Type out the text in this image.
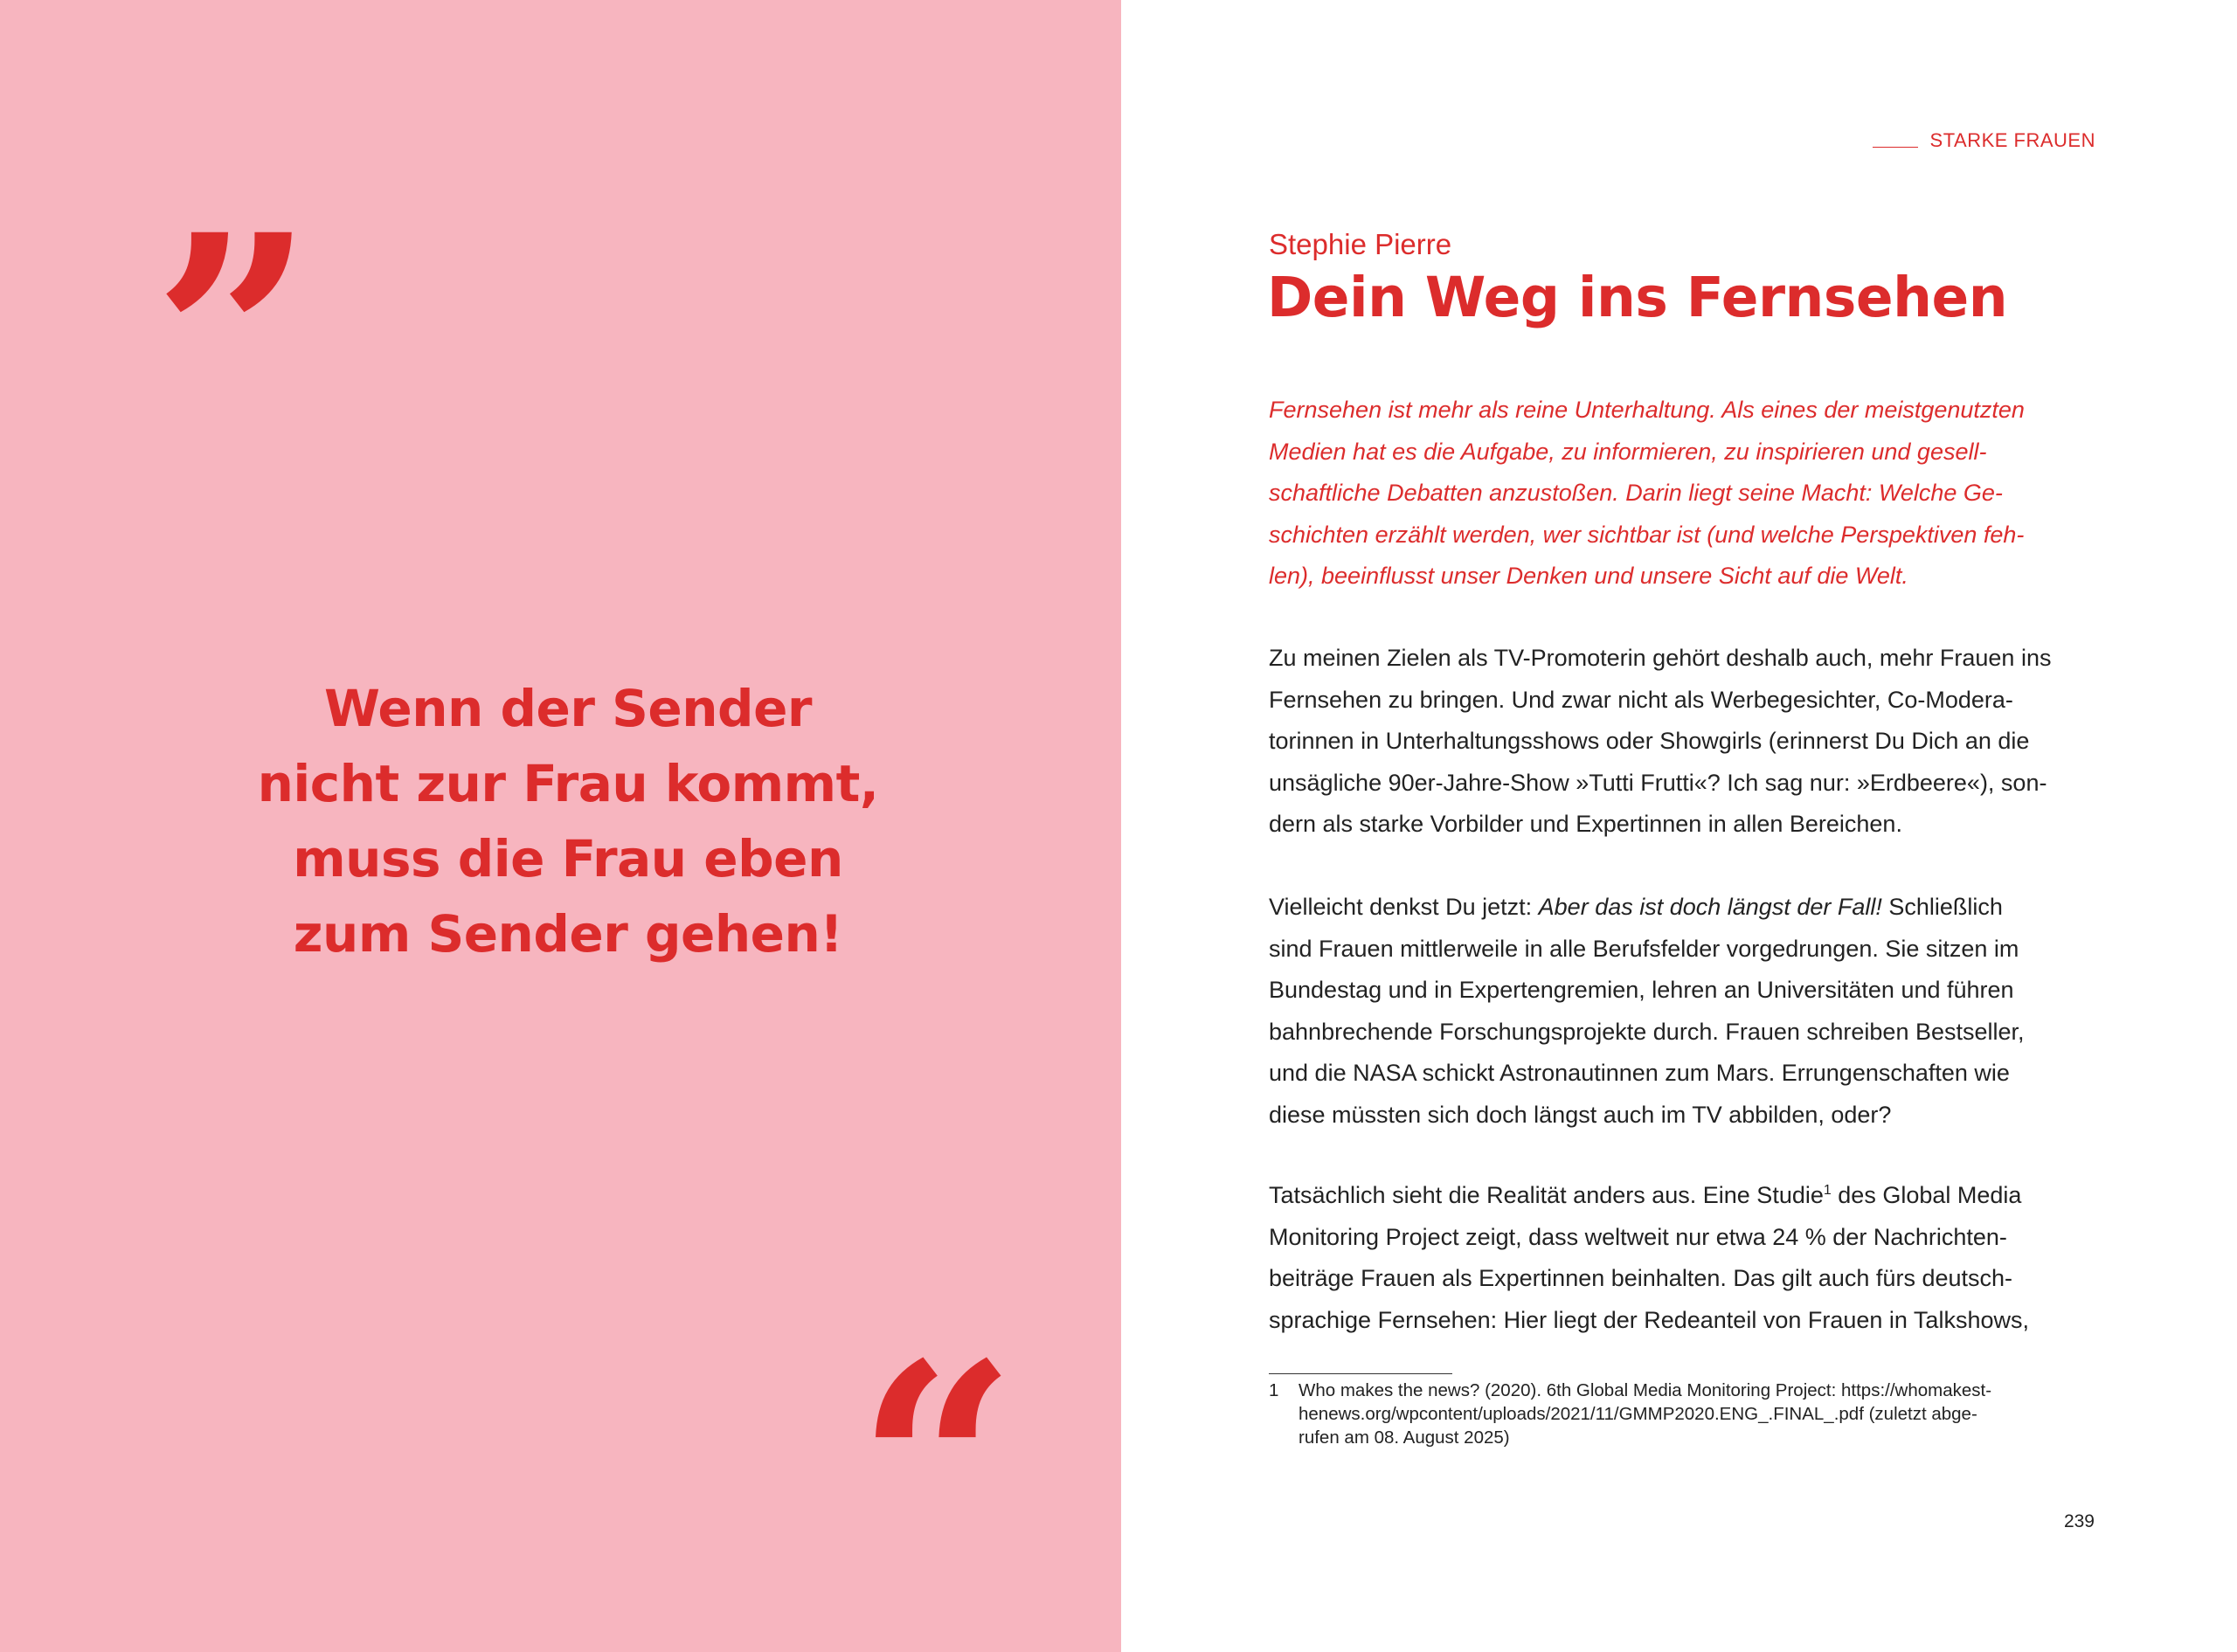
”
Wenn der Sender
nicht zur Frau kommt,
muss die Frau eben
zum Sender gehen!
“
STARKE FRAUEN
Stephie Pierre
Dein Weg ins Fernsehen
Fernsehen ist mehr als reine Unterhaltung. Als eines der meistgenutzten
Medien hat es die Aufgabe, zu informieren, zu inspirieren und gesell-
schaftliche Debatten anzustoßen. Darin liegt seine Macht: Welche Ge-
schichten erzählt werden, wer sichtbar ist (und welche Perspektiven feh-
len), beeinflusst unser Denken und unsere Sicht auf die Welt.
Zu meinen Zielen als TV-Promoterin gehört deshalb auch, mehr Frauen ins
Fernsehen zu bringen. Und zwar nicht als Werbegesichter, Co-Modera-
torinnen in Unterhaltungsshows oder Showgirls (erinnerst Du Dich an die
unsägliche 90er-Jahre-Show »Tutti Frutti«? Ich sag nur: »Erdbeere«), son-
dern als starke Vorbilder und Expertinnen in allen Bereichen.
Vielleicht denkst Du jetzt: Aber das ist doch längst der Fall! Schließlich
sind Frauen mittlerweile in alle Berufsfelder vorgedrungen. Sie sitzen im
Bundestag und in Expertengremien, lehren an Universitäten und führen
bahnbrechende Forschungsprojekte durch. Frauen schreiben Bestseller,
und die NASA schickt Astronautinnen zum Mars. Errungenschaften wie
diese müssten sich doch längst auch im TV abbilden, oder?
Tatsächlich sieht die Realität anders aus. Eine Studie$^1$ des Global Media
Monitoring Project zeigt, dass weltweit nur etwa 24 % der Nachrichten-
beiträge Frauen als Expertinnen beinhalten. Das gilt auch fürs deutsch-
sprachige Fernsehen: Hier liegt der Redeanteil von Frauen in Talkshows,
1 Who makes the news? (2020). 6th Global Media Monitoring Project: https://whomakest-
henews.org/wpcontent/uploads/2021/11/GMMP2020.ENG_.FINAL_.pdf (zuletzt abge-
rufen am 08. August 2025)
239
